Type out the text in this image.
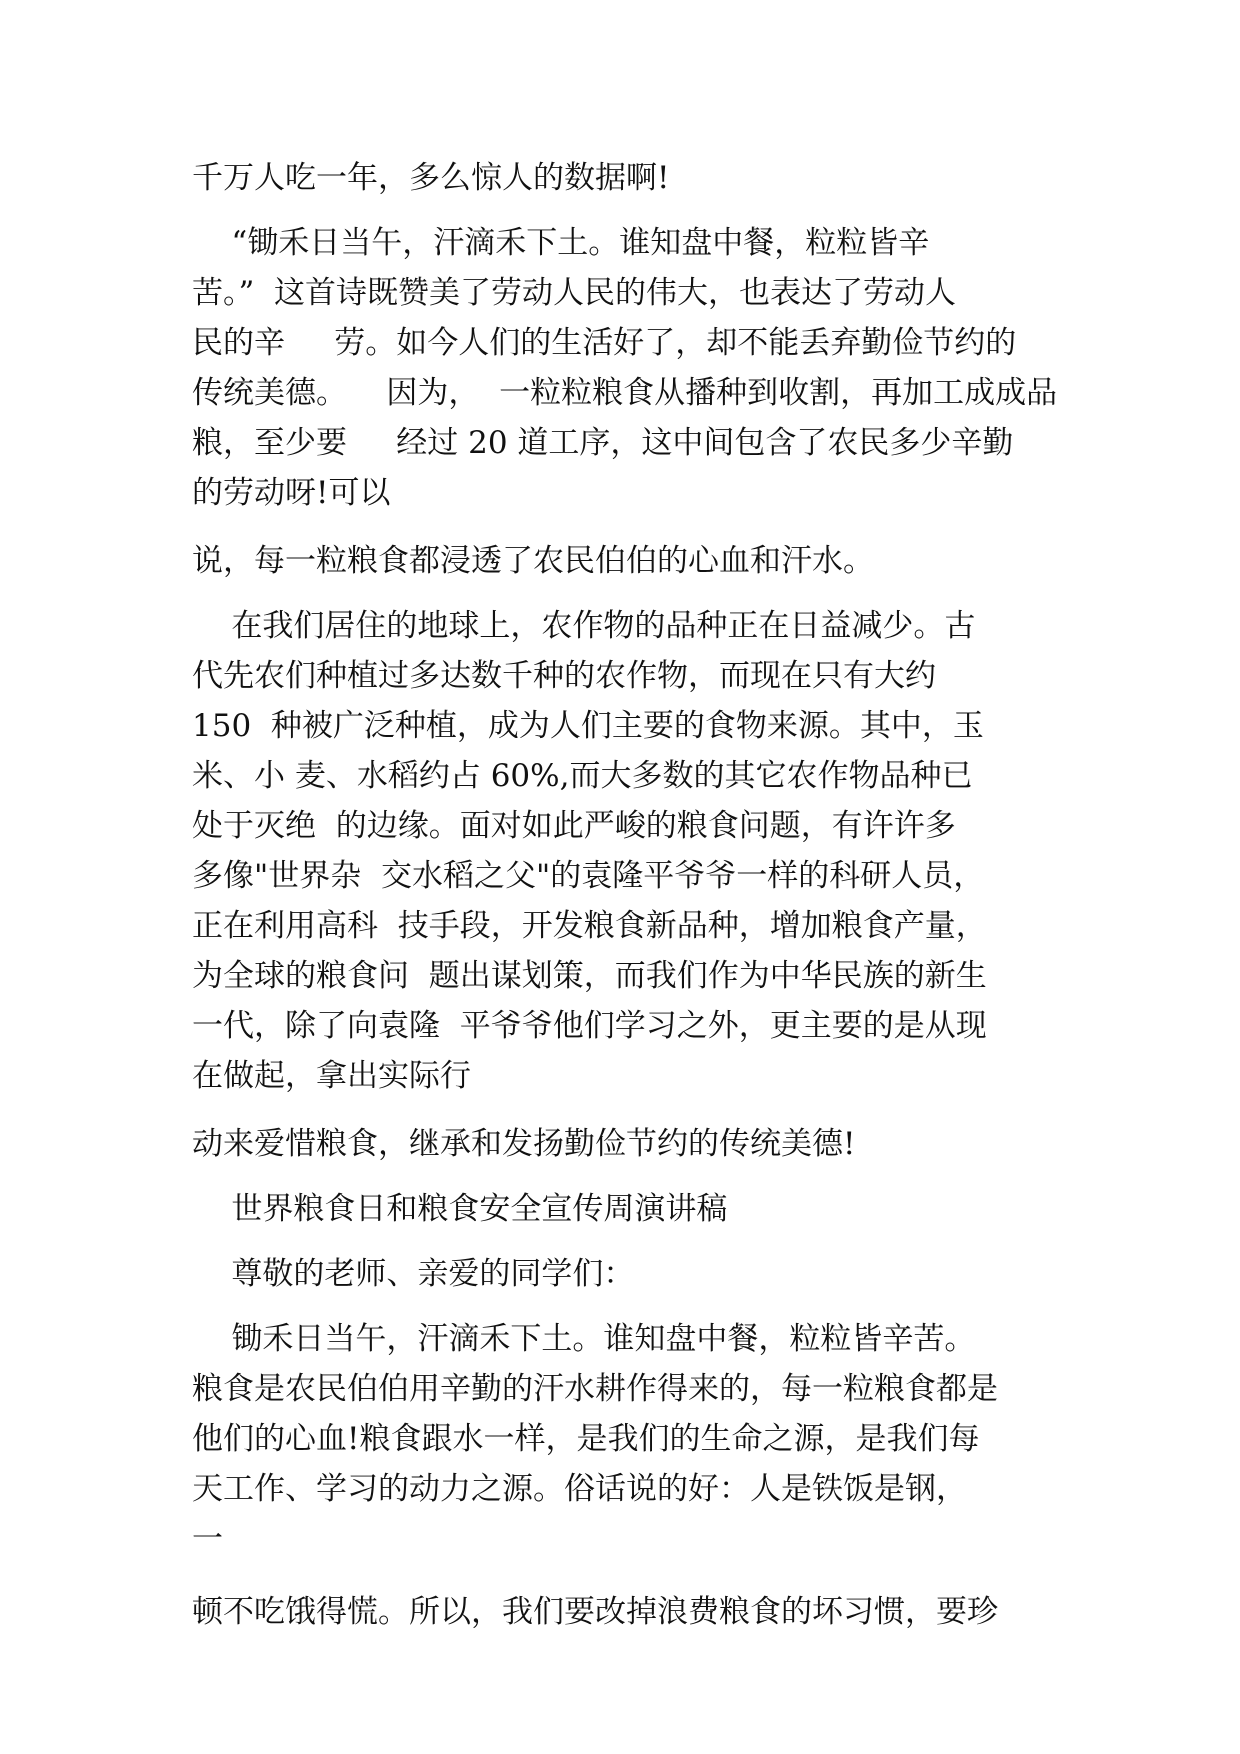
千万人吃一年，多么惊人的数据啊!
“锄禾日当午，汗滴禾下土。谁知盘中餐，粒粒皆辛
苦。”  这首诗既赞美了劳动人民的伟大，也表达了劳动人
民的辛     劳。如今人们的生活好了，却不能丢弃勤俭节约的
传统美德。    因为，  一粒粒粮食从播种到收割，再加工成成品
粮，至少要     经过 20 道工序，这中间包含了农民多少辛勤
的劳动呀!可以
说，每一粒粮食都浸透了农民伯伯的心血和汗水。
在我们居住的地球上，农作物的品种正在日益减少。古
代先农们种植过多达数千种的农作物，而现在只有大约
150  种被广泛种植，成为人们主要的食物来源。其中，玉
米、小 麦、水稻约占 60%,而大多数的其它农作物品种已
处于灭绝  的边缘。面对如此严峻的粮食问题，有许许多
多像"世界杂  交水稻之父"的袁隆平爷爷一样的科研人员，
正在利用高科  技手段，开发粮食新品种，增加粮食产量，
为全球的粮食问  题出谋划策，而我们作为中华民族的新生
一代，除了向袁隆  平爷爷他们学习之外，更主要的是从现
在做起，拿出实际行
动来爱惜粮食，继承和发扬勤俭节约的传统美德!
世界粮食日和粮食安全宣传周演讲稿
尊敬的老师、亲爱的同学们：
锄禾日当午，汗滴禾下土。谁知盘中餐，粒粒皆辛苦。
粮食是农民伯伯用辛勤的汗水耕作得来的，每一粒粮食都是
他们的心血!粮食跟水一样，是我们的生命之源，是我们每
天工作、学习的动力之源。俗话说的好：人是铁饭是钢，
一
顿不吃饿得慌。所以，我们要改掉浪费粮食的坏习惯，要珍
